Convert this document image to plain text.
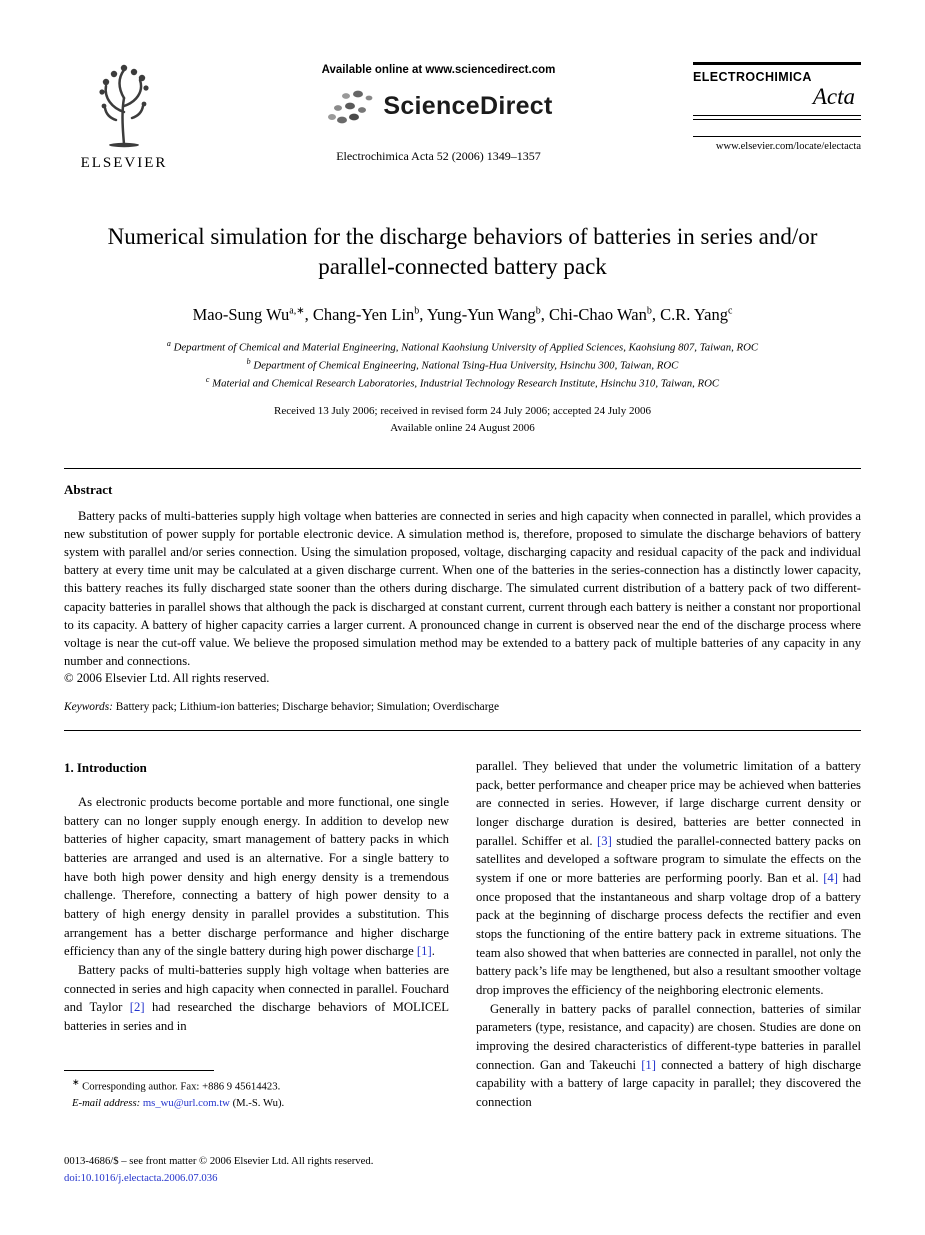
ELSEVIER
Available online at www.sciencedirect.com
ScienceDirect
Electrochimica Acta 52 (2006) 1349–1357
ELECTROCHIMICA
Acta
www.elsevier.com/locate/electacta
Numerical simulation for the discharge behaviors of batteries in series and/or parallel-connected battery pack
Mao-Sung $Wu^{a,∗}$, Chang-Yen Lin$^b$, Yung-Yun Wang$^b$, Chi-Chao Wan$^b$, C.R. Yang$^c$
$^a$ Department of Chemical and Material Engineering, National Kaohsiung University of Applied Sciences, Kaohsiung 807, Taiwan, ROC
$^b$ Department of Chemical Engineering, National Tsing-Hua University, Hsinchu 300, Taiwan, ROC
$^c$ Material and Chemical Research Laboratories, Industrial Technology Research Institute, Hsinchu 310, Taiwan, ROC
Received 13 July 2006; received in revised form 24 July 2006; accepted 24 July 2006
Available online 24 August 2006
Abstract
Battery packs of multi-batteries supply high voltage when batteries are connected in series and high capacity when connected in parallel, which provides a new substitution of power supply for portable electronic device. A simulation method is, therefore, proposed to simulate the discharge behaviors of battery system with parallel and/or series connection. Using the simulation proposed, voltage, discharging capacity and residual capacity of the pack and individual battery at every time unit may be calculated at a given discharge current. When one of the batteries in the series-connection has a distinctly lower capacity, this battery reaches its fully discharged state sooner than the others during discharge. The simulated current distribution of a battery pack of two different-capacity batteries in parallel shows that although the pack is discharged at constant current, current through each battery is neither a constant nor proportional to its capacity. A battery of higher capacity carries a larger current. A pronounced change in current is observed near the end of the discharge process where voltage is near the cut-off value. We believe the proposed simulation method may be extended to a battery pack of multiple batteries of any capacity in any number and connections.
© 2006 Elsevier Ltd. All rights reserved.
Keywords: Battery pack; Lithium-ion batteries; Discharge behavior; Simulation; Overdischarge
1. Introduction

As electronic products become portable and more functional, one single battery can no longer supply enough energy. In addition to develop new batteries of higher capacity, smart management of battery packs in which batteries are arranged and used is an alternative. For a single battery to have both high power density and high energy density is a tremendous challenge. Therefore, connecting a battery of high power density to a battery of high energy density in parallel provides a substitution. This arrangement has a better discharge performance and higher discharge efficiency than any of the single battery during high power discharge [1].

Battery packs of multi-batteries supply high voltage when batteries are connected in series and high capacity when connected in parallel. Fouchard and Taylor [2] had researched the discharge behaviors of MOLICEL batteries in series and in

∗ Corresponding author. Fax: +886 9 45614423.
E-mail address: ms_wu@url.com.tw (M.-S. Wu).

parallel. They believed that under the volumetric limitation of a battery pack, better performance and cheaper price may be achieved when batteries are connected in series. However, if large discharge current density or longer discharge duration is desired, batteries are better connected in parallel. Schiffer et al. [3] studied the parallel-connected battery packs on satellites and developed a software program to simulate the effects on the system if one or more batteries are performing poorly. Ban et al. [4] had once proposed that the instantaneous and sharp voltage drop of a battery pack at the beginning of discharge process defects the rectifier and even stops the functioning of the entire battery pack in extreme situations. The team also showed that when batteries are connected in parallel, not only the battery pack’s life may be lengthened, but also a resultant smoother voltage drop improves the efficiency of the neighboring electronic elements.

Generally in battery packs of parallel connection, batteries of similar parameters (type, resistance, and capacity) are chosen. Studies are done on improving the desired characteristics of different-type batteries in parallel connection. Gan and Takeuchi [1] connected a battery of high discharge capability with a battery of large capacity in parallel; they discovered the connection

0013-4686/$ – see front matter © 2006 Elsevier Ltd. All rights reserved.
doi:10.1016/j.electacta.2006.07.036
